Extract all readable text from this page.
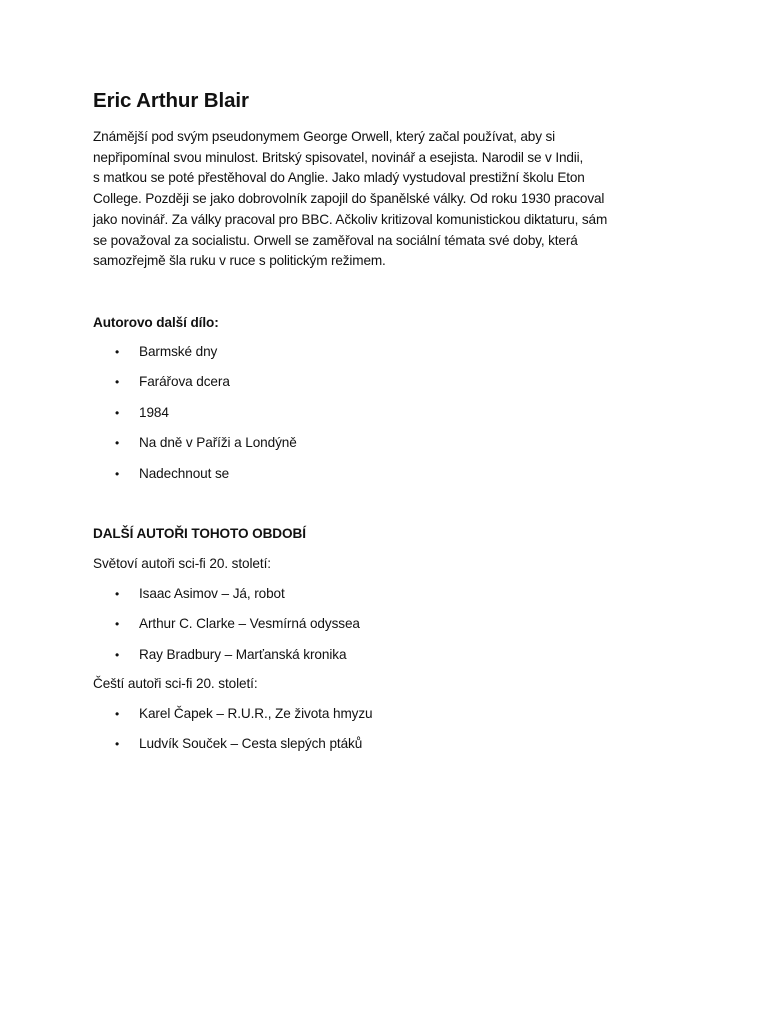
Eric Arthur Blair

Známější pod svým pseudonymem George Orwell, který začal používat, aby si
nepřipomínal svou minulost. Britský spisovatel, novinář a esejista. Narodil se v Indii,
s matkou se poté přestěhoval do Anglie. Jako mladý vystudoval prestižní školu Eton
College. Později se jako dobrovolník zapojil do španělské války. Od roku 1930 pracoval
jako novinář. Za války pracoval pro BBC. Ačkoliv kritizoval komunistickou diktaturu, sám
se považoval za socialistu. Orwell se zaměřoval na sociální témata své doby, která
samozřejmě šla ruku v ruce s politickým režimem.

Autorovo další dílo:

• Barmské dny
• Farářova dcera
• 1984
• Na dně v Paříži a Londýně
• Nadechnout se

DALŠÍ AUTOŘI TOHOTO OBDOBÍ

Světoví autoři sci-fi 20. století:

• Isaac Asimov – Já, robot
• Arthur C. Clarke – Vesmírná odyssea
• Ray Bradbury – Marťanská kronika

Čeští autoři sci-fi 20. století:

• Karel Čapek – R.U.R., Ze života hmyzu
• Ludvík Souček – Cesta slepých ptáků
